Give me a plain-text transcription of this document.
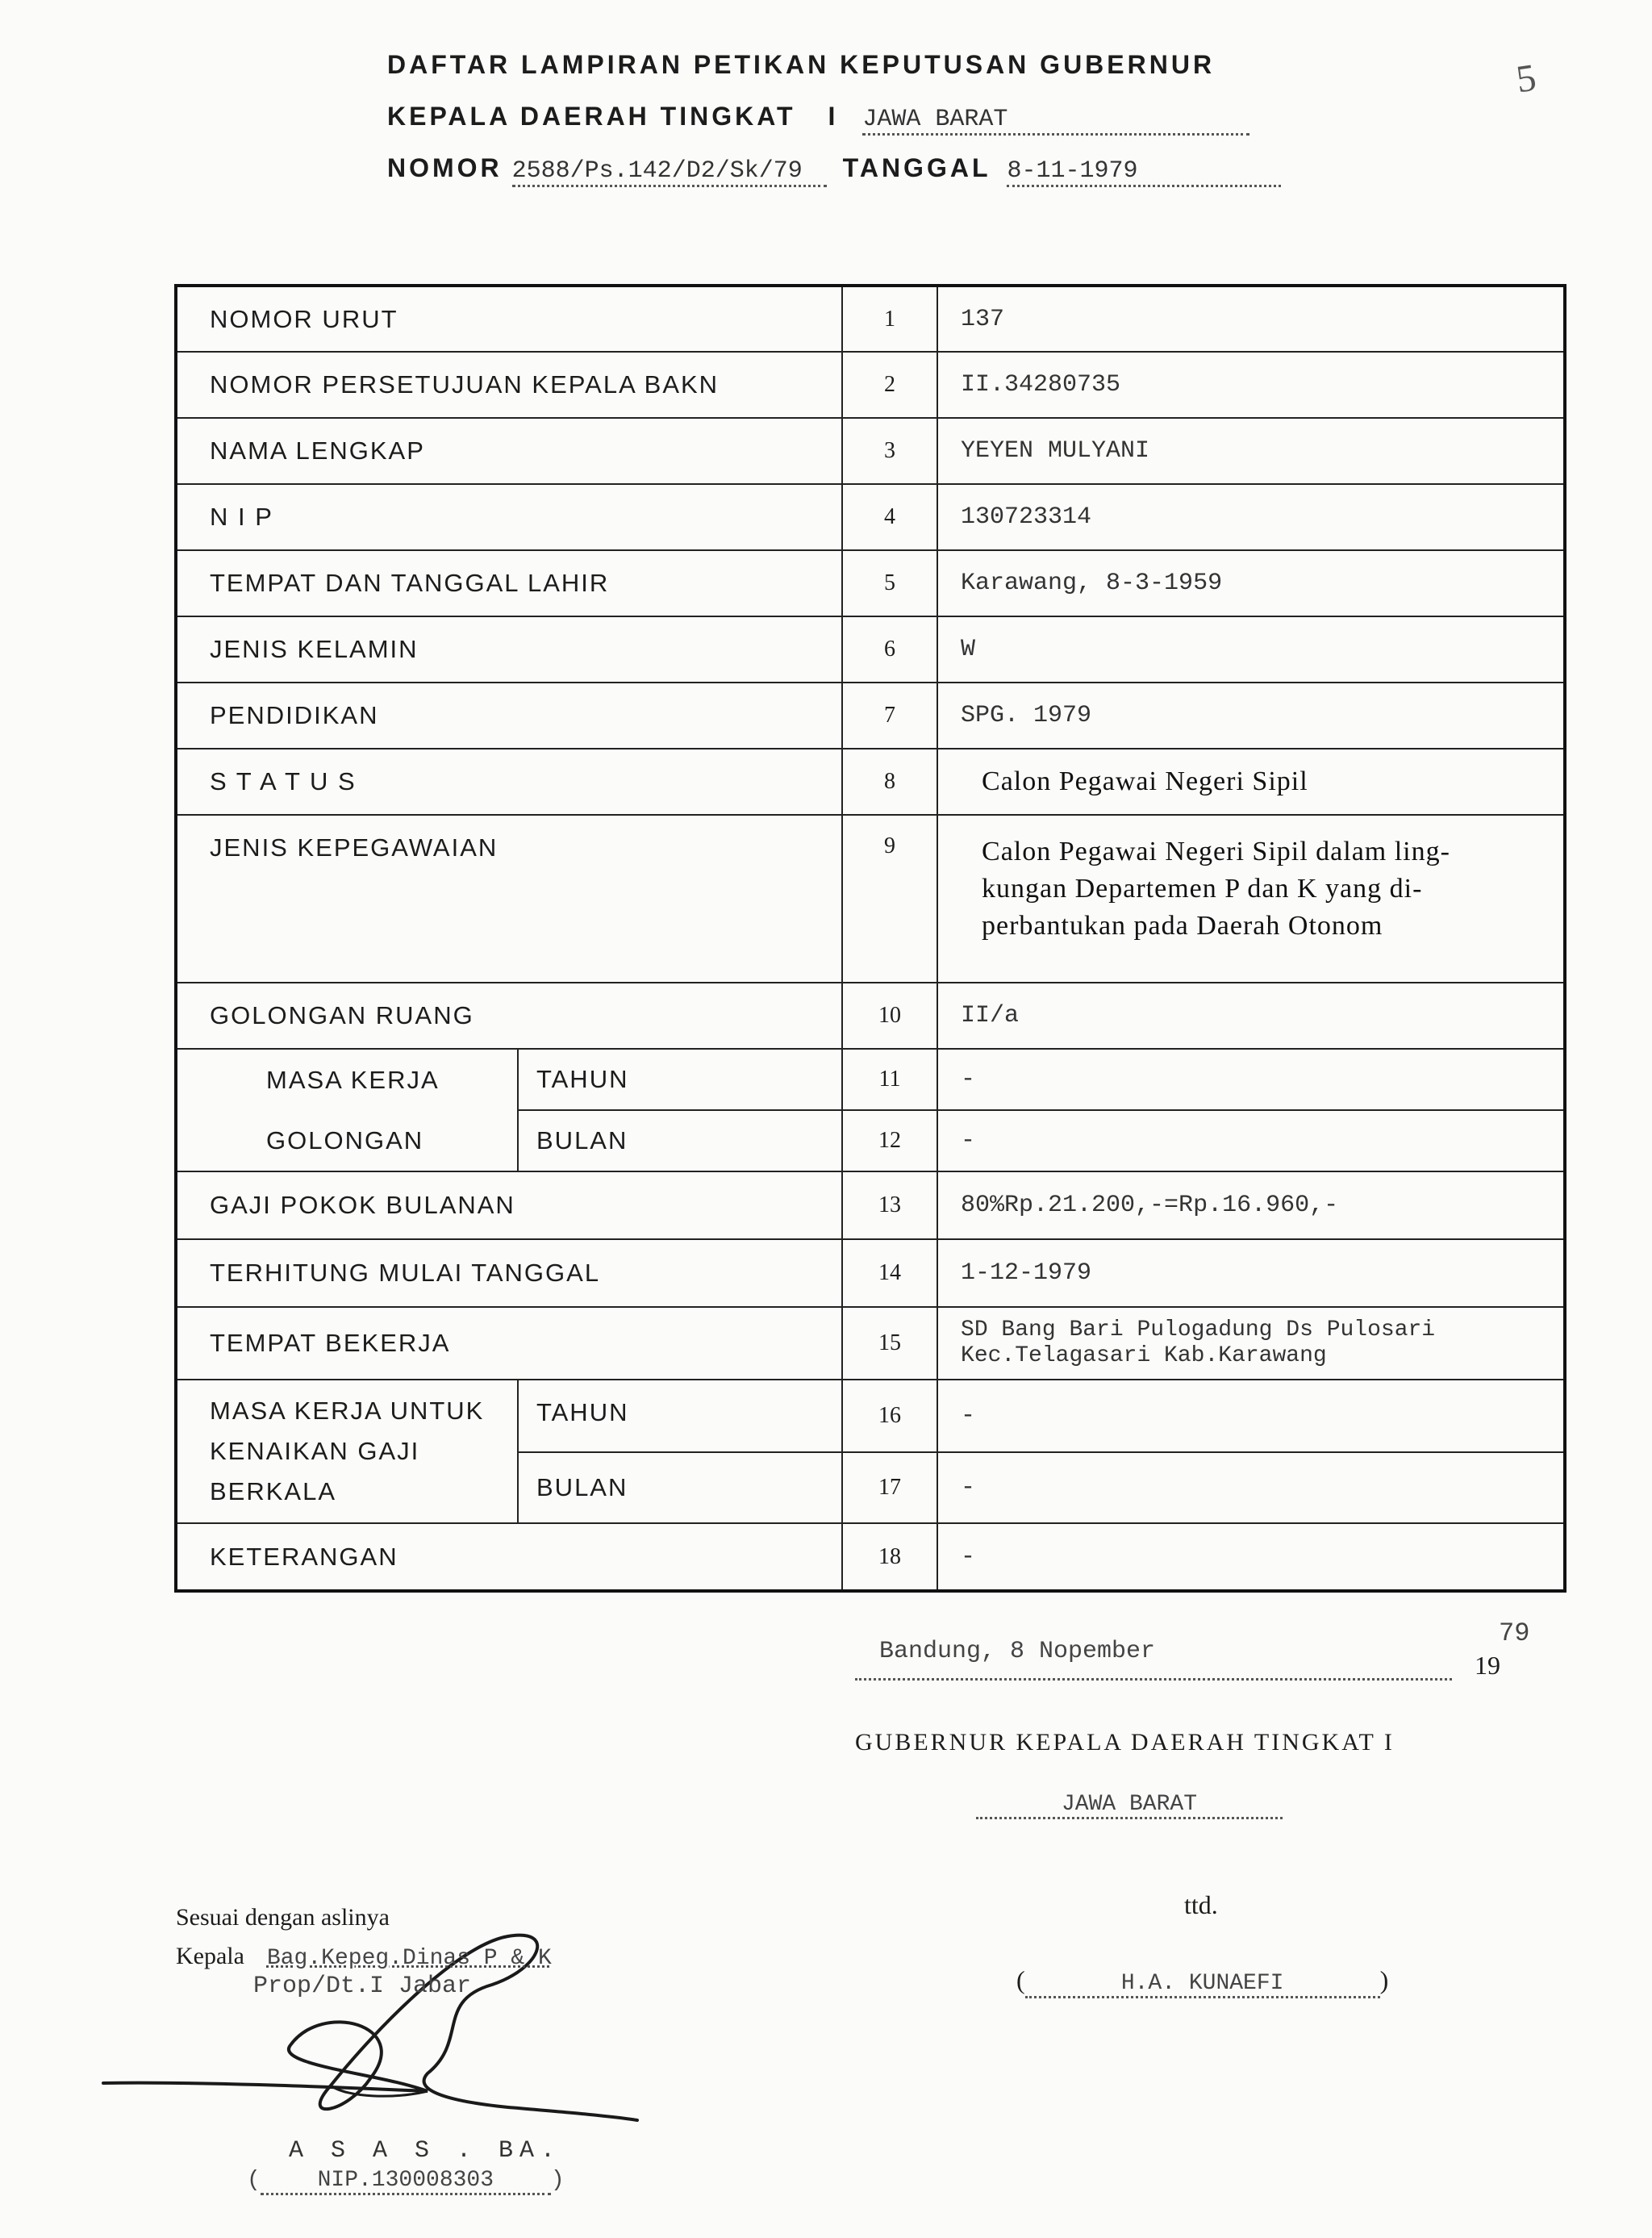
5
DAFTAR LAMPIRAN PETIKAN KEPUTUSAN GUBERNUR
KEPALA DAERAH TINGKAT I JAWA BARAT
NOMOR 2588/Ps.142/D2/Sk/79	TANGGAL 8-11-1979
NOMOR URUT		1	137
NOMOR PERSETUJUAN KEPALA BAKN		2	II.34280735
NAMA LENGKAP		3	YEYEN MULYANI
N I P		4	130723314
TEMPAT DAN TANGGAL LAHIR		5	Karawang, 8-3-1959
JENIS KELAMIN		6	W
PENDIDIKAN		7	SPG. 1979
S T A T U S		8	Calon Pegawai Negeri Sipil
JENIS KEPEGAWAIAN		9	Calon Pegawai Negeri Sipil dalam ling-
kungan Departemen P dan K yang di-
perbantukan pada Daerah Otonom

GOLONGAN RUANG		10	II/a
MASA KERJA	TAHUN	11	-
GOLONGAN	BULAN	12	-
GAJI POKOK BULANAN		13	80%Rp.21.200,-=Rp.16.960,-
TERHITUNG MULAI TANGGAL		14	1-12-1979
TEMPAT BEKERJA		15	SD Bang Bari Pulogadung Ds Pulosari
Kec.Telagasari Kab.Karawang

MASA KERJA UNTUK
KENAIKAN GAJI
BERKALA	TAHUN	16	-
	BULAN	17	-
KETERANGAN		18	-
Bandung, 8 Nopember	19
79
GUBERNUR KEPALA DAERAH TINGKAT I
JAWA BARAT
ttd.
(	H.A. KUNAEFI	)
Sesuai dengan aslinya
Kepala Bag.Kepeg.Dinas P & K
Prop/Dt.I Jabar
A S A S . BA.
(	NIP.130008303	)
